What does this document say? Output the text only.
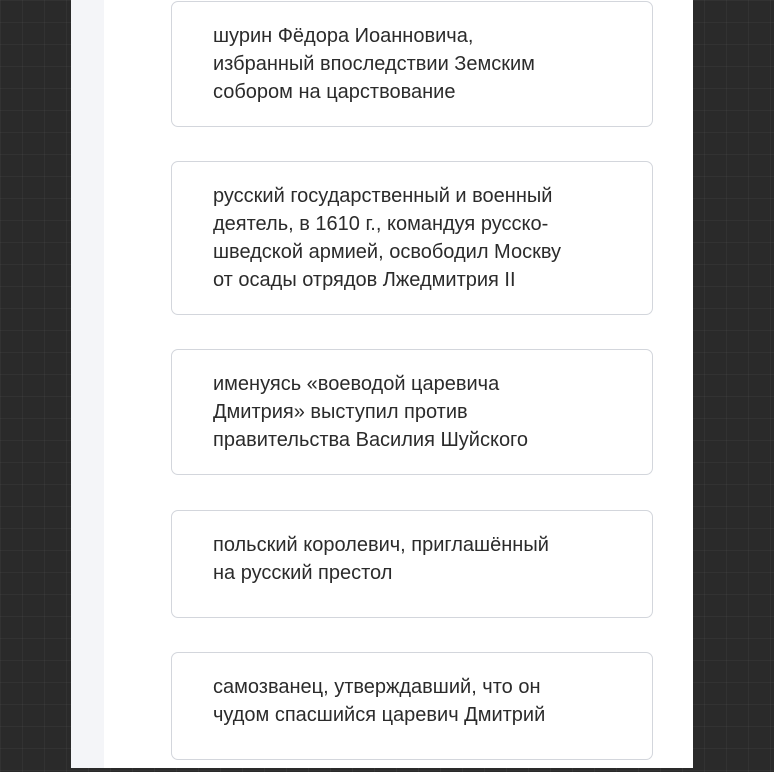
шурин Фёдора Иоанновича,
избранный впоследствии Земским
собором на царствование

русский государственный и военный
деятель, в 1610 г., командуя русско-
шведской армией, освободил Москву
от осады отрядов Лжедмитрия II

именуясь «воеводой царевича
Дмитрия» выступил против
правительства Василия Шуйского

польский королевич, приглашённый
на русский престол

самозванец, утверждавший, что он
чудом спасшийся царевич Дмитрий
